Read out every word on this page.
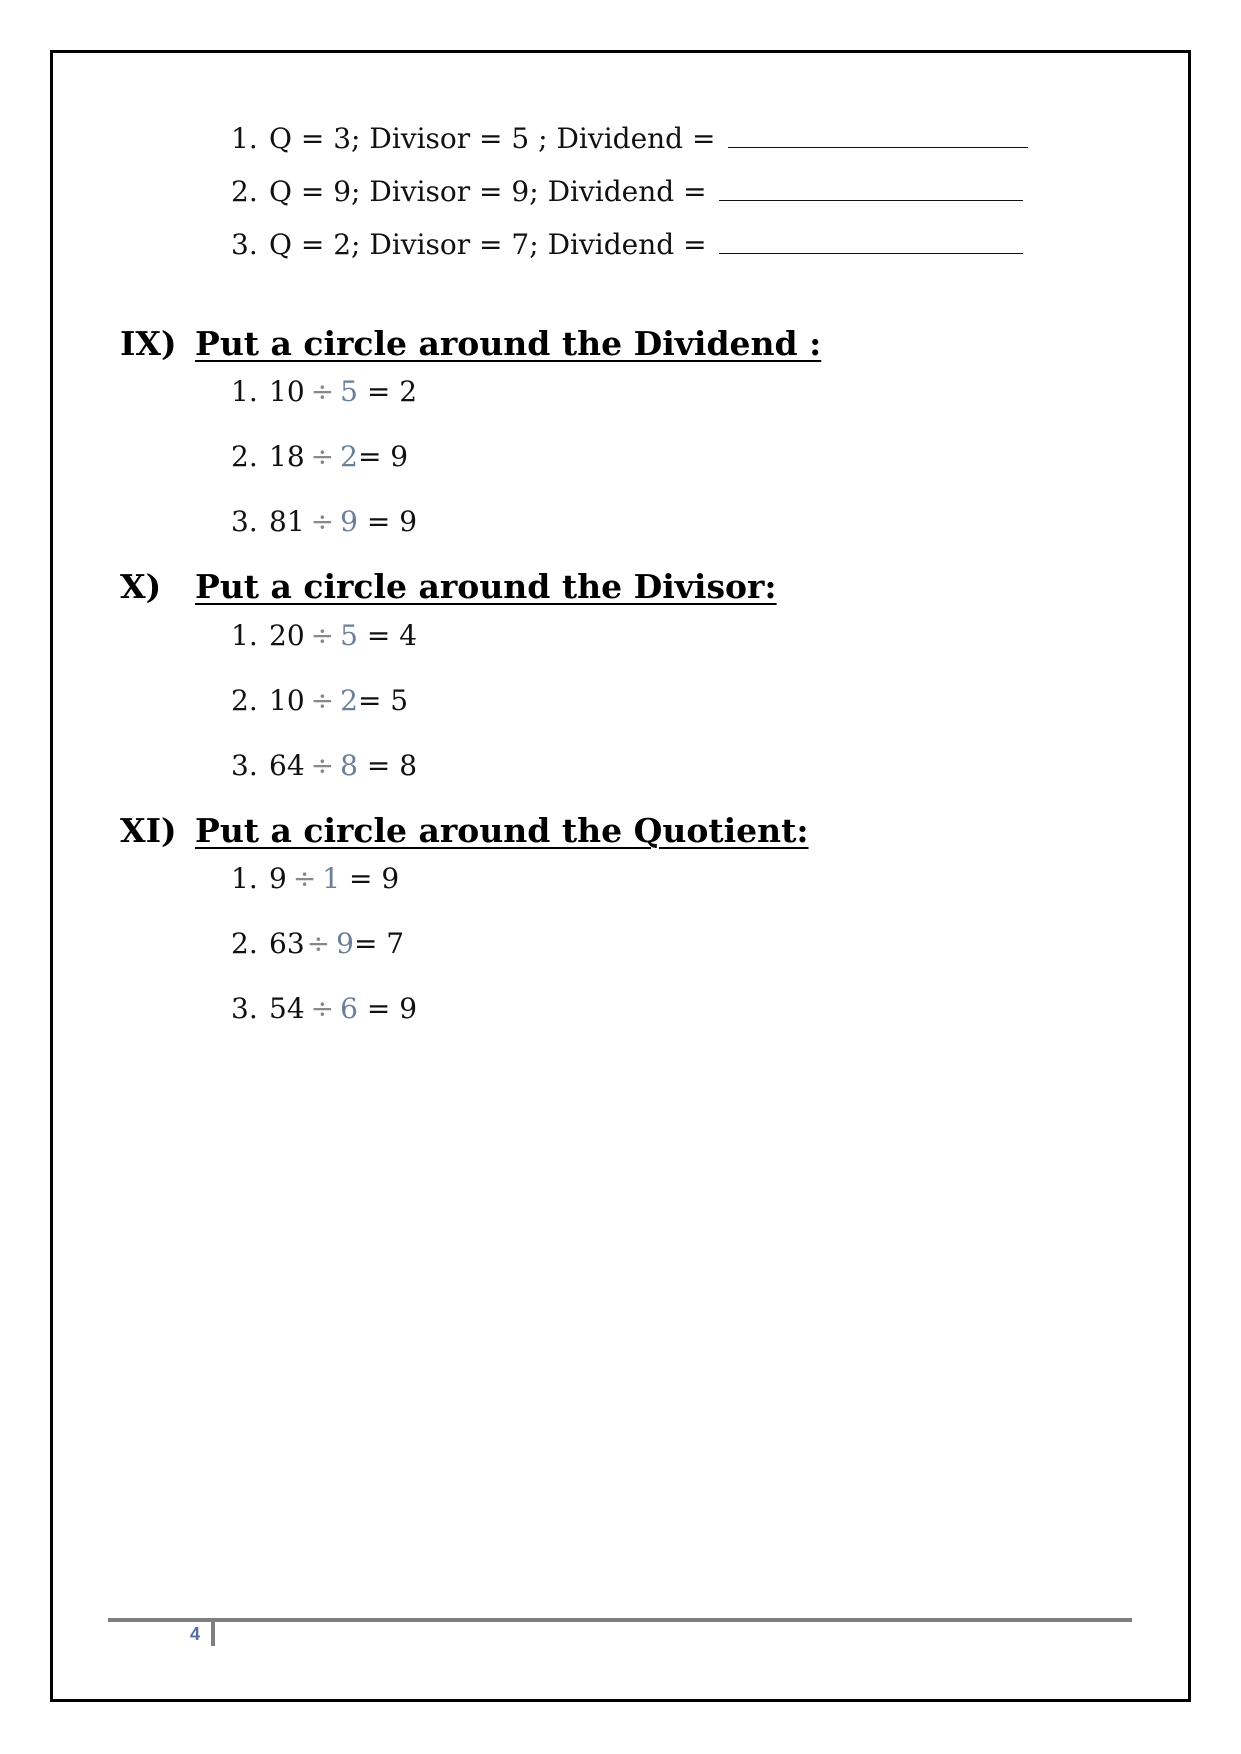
1. Q = 3; Divisor = 5 ; Dividend =
2. Q = 9; Divisor = 9; Dividend =
3. Q = 2; Divisor = 7; Dividend =
IX) Put a circle around the Dividend :
1. 10 ÷ 5 = 2
2. 18 ÷ 2= 9
3. 81 ÷ 9 = 9
X) Put a circle around the Divisor:
1. 20 ÷ 5 = 4
2. 10 ÷ 2= 5
3. 64 ÷ 8 = 8
XI) Put a circle around the Quotient:
1. 9 ÷ 1 = 9
2. 63÷ 9= 7
3. 54 ÷ 6 = 9
4
